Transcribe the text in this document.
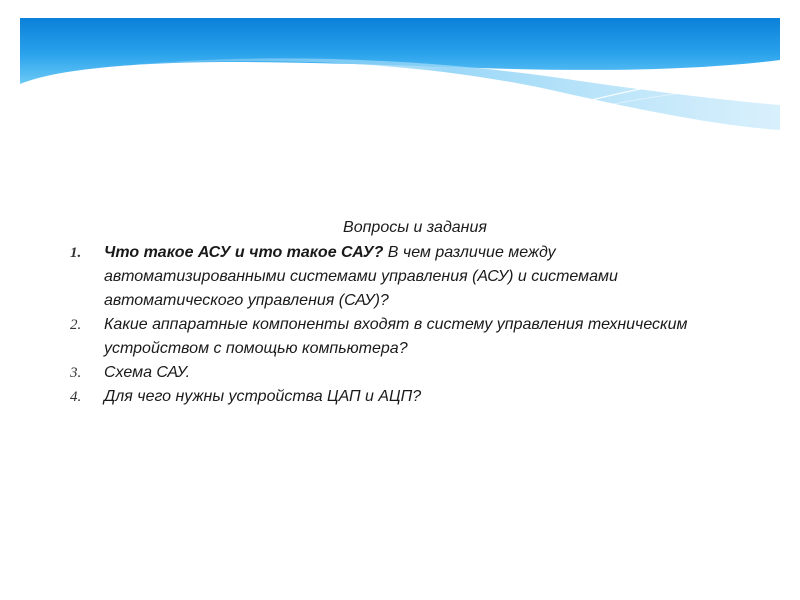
Вопросы и задания
1.	Что такое АСУ и что такое САУ? В чем различие между автоматизированными системами управления (АСУ) и системами автоматического управления (САУ)?
2.	Какие аппаратные компоненты входят в систему управления техническим устройством с помощью компьютера?
3.	Схема САУ.
4.	Для чего нужны устройства ЦАП и АЦП?
